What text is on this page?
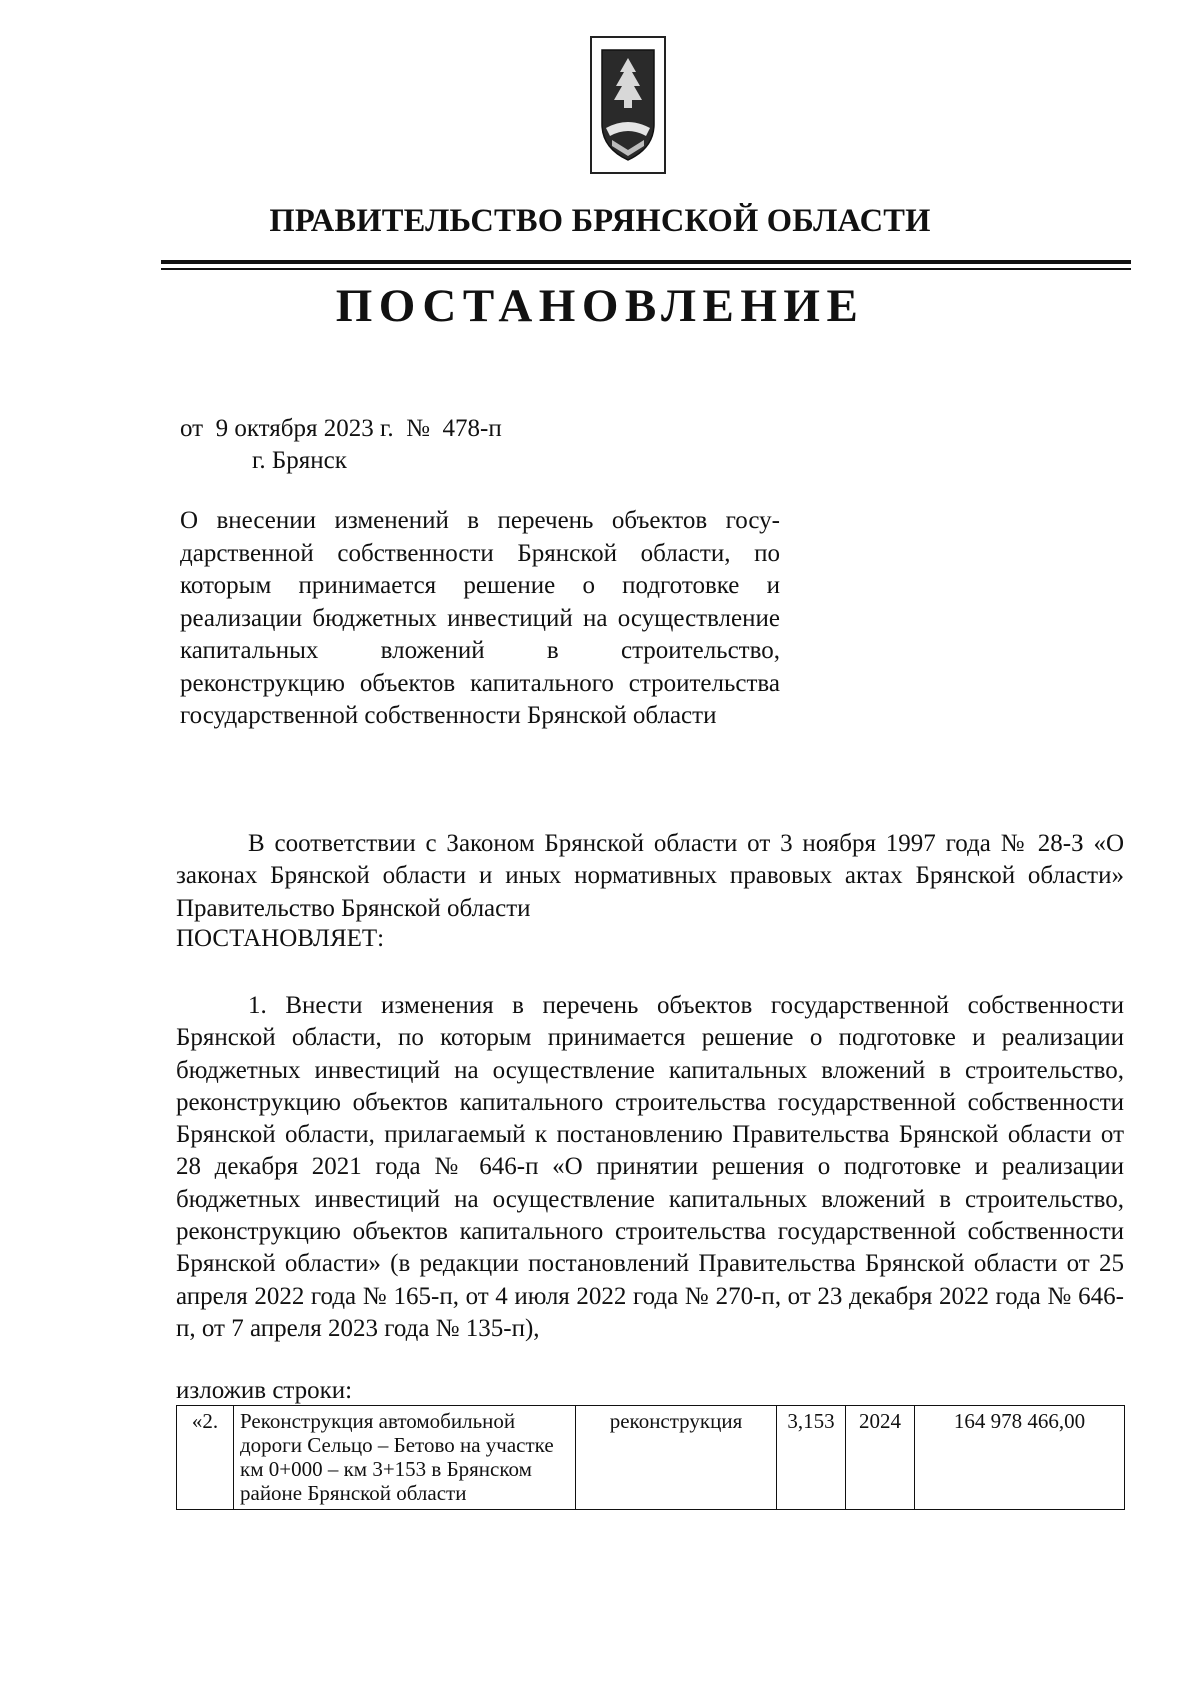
ПРАВИТЕЛЬСТВО БРЯНСКОЙ ОБЛАСТИ
ПОСТАНОВЛЕНИЕ
от  9 октября 2023 г.  №  478-п
г. Брянск
О внесении изменений в перечень объектов государственной собственности Брянской области, по которым принимается решение о подготовке и реализации бюджетных инвестиций на осуществление капитальных вложений в строительство, реконструкцию объектов капитального строительства государственной собственности Брянской области
В соответствии с Законом Брянской области от 3 ноября 1997 года № 28-З «О законах Брянской области и иных нормативных правовых актах Брянской области» Правительство Брянской области
ПОСТАНОВЛЯЕТ:
1. Внести изменения в перечень объектов государственной собственности Брянской области, по которым принимается решение о подготовке и реализации бюджетных инвестиций на осуществление капитальных вложений в строительство, реконструкцию объектов капитального строительства государственной собственности Брянской области, прилагаемый к постановлению Правительства Брянской области от 28 декабря 2021 года № 646-п «О принятии решения о подготовке и реализации бюджетных инвестиций на осуществление капитальных вложений в строительство, реконструкцию объектов капитального строительства государственной собственности Брянской области» (в редакции постановлений Правительства Брянской области от 25 апреля 2022 года № 165-п, от 4 июля 2022 года № 270-п, от 23 декабря 2022 года № 646-п, от 7 апреля 2023 года № 135-п),
изложив строки:
«2.	Реконструкция автомобильной дороги Сельцо – Бетово на участке км 0+000 – км 3+153 в Брянском районе Брянской области	реконструкция	3,153	2024	164 978 466,00
